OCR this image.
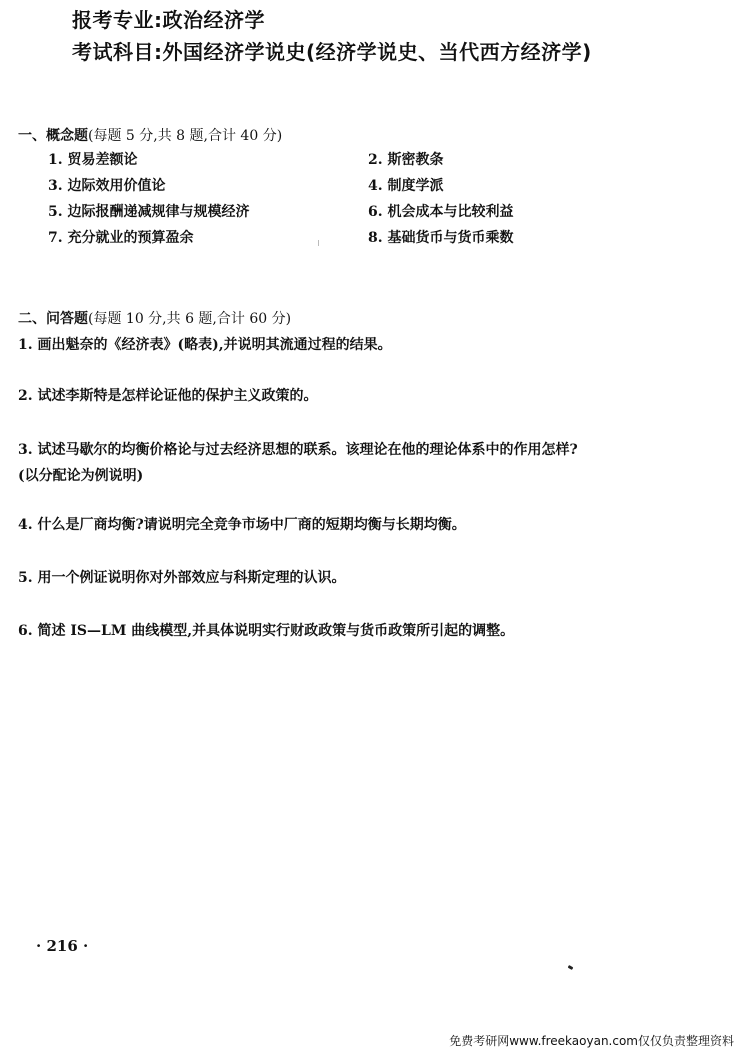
报考专业:政治经济学
考试科目:外国经济学说史(经济学说史、当代西方经济学)
一、概念题(每题 5 分,共 8 题,合计 40 分)
1. 贸易差额论	2. 斯密教条
3. 边际效用价值论	4. 制度学派
5. 边际报酬递减规律与规模经济	6. 机会成本与比较利益
7. 充分就业的预算盈余	8. 基础货币与货币乘数
二、问答题(每题 10 分,共 6 题,合计 60 分)
1. 画出魁奈的《经济表》(略表),并说明其流通过程的结果。
2. 试述李斯特是怎样论证他的保护主义政策的。
3. 试述马歇尔的均衡价格论与过去经济思想的联系。该理论在他的理论体系中的作用怎样?
(以分配论为例说明)
4. 什么是厂商均衡?请说明完全竞争市场中厂商的短期均衡与长期均衡。
5. 用一个例证说明你对外部效应与科斯定理的认识。
6. 简述 IS—LM 曲线模型,并具体说明实行财政政策与货币政策所引起的调整。
· 216 ·
免费考研网www.freekaoyan.com仅仅负责整理资料
